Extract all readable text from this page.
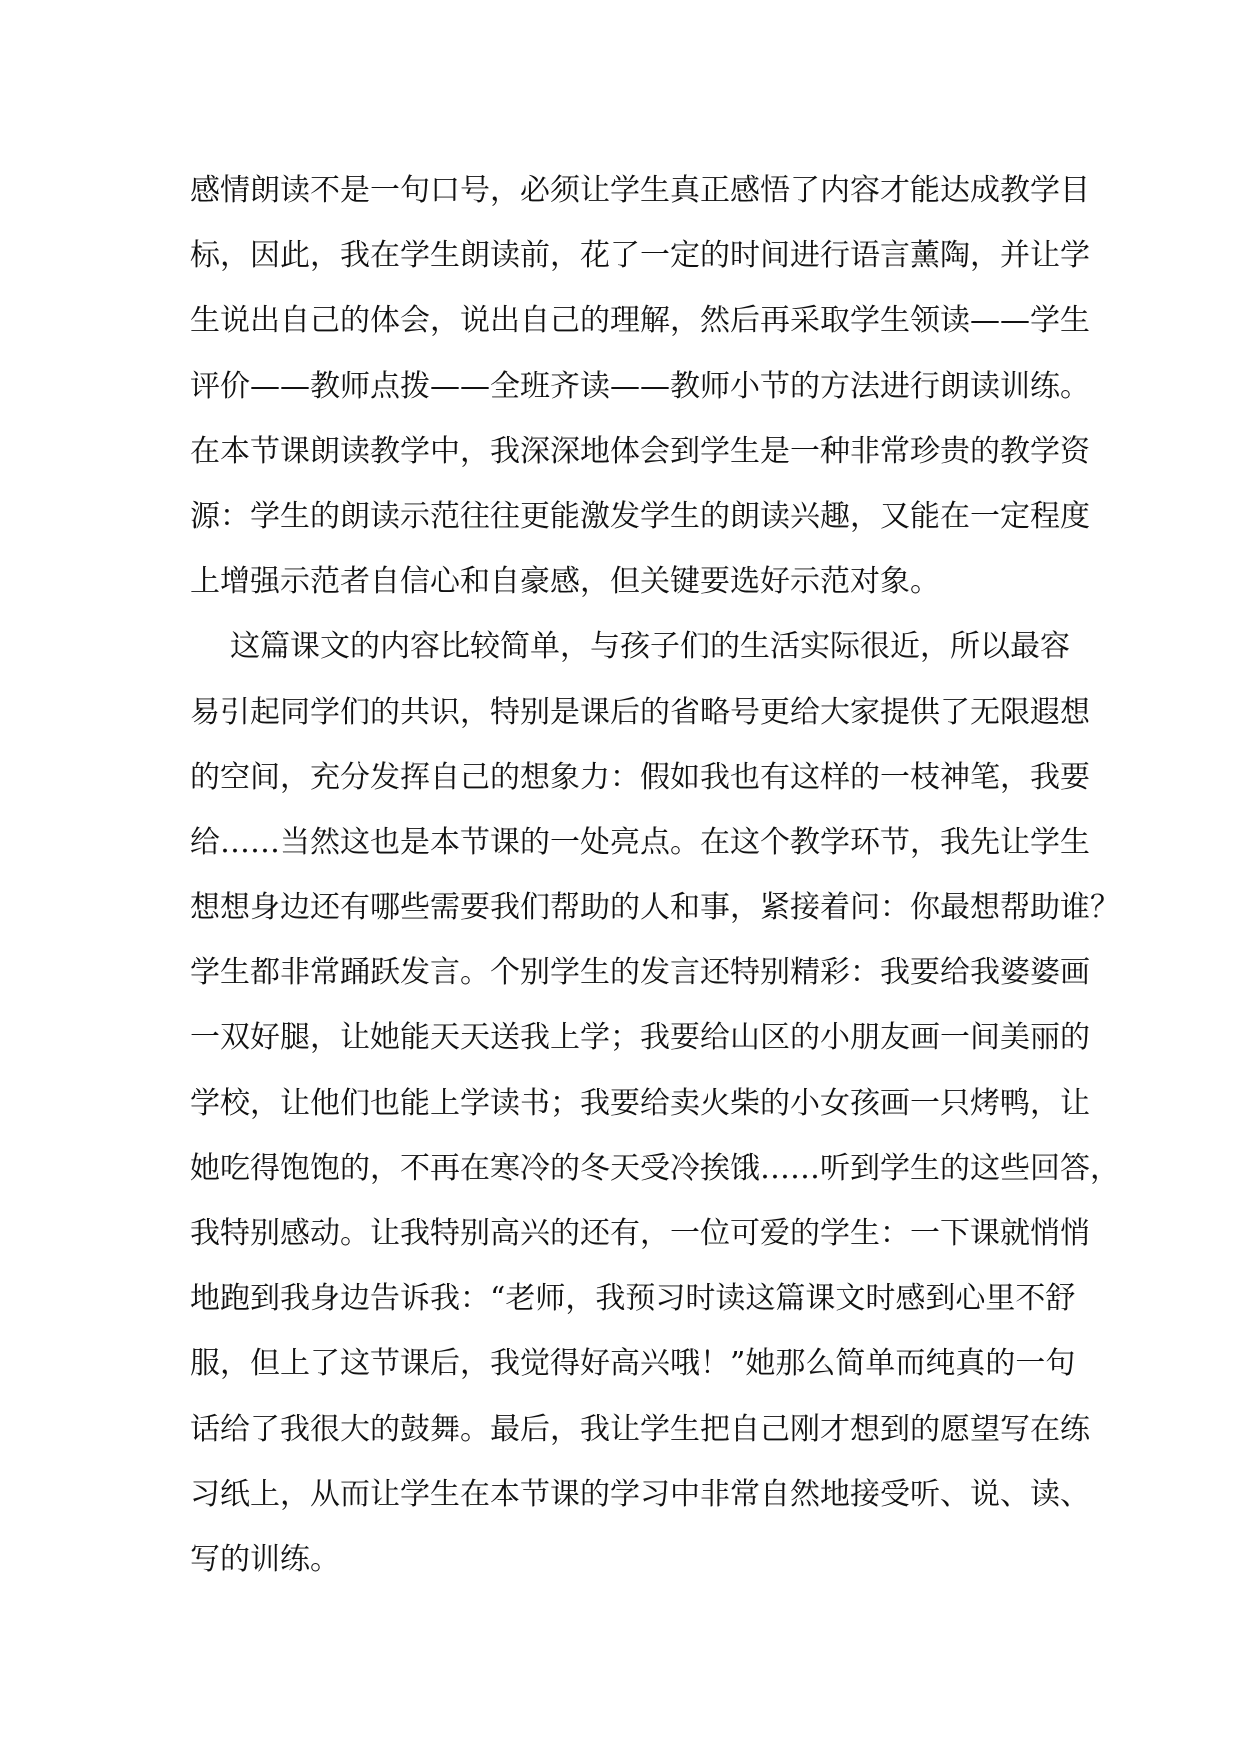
感情朗读不是一句口号，必须让学生真正感悟了内容才能达成教学目
标，因此，我在学生朗读前，花了一定的时间进行语言薰陶，并让学
生说出自己的体会，说出自己的理解，然后再采取学生领读——学生
评价——教师点拨——全班齐读——教师小节的方法进行朗读训练。
在本节课朗读教学中，我深深地体会到学生是一种非常珍贵的教学资
源：学生的朗读示范往往更能激发学生的朗读兴趣，又能在一定程度
上增强示范者自信心和自豪感，但关键要选好示范对象。
这篇课文的内容比较简单，与孩子们的生活实际很近，所以最容
易引起同学们的共识，特别是课后的省略号更给大家提供了无限遐想
的空间，充分发挥自己的想象力：假如我也有这样的一枝神笔，我要
给……当然这也是本节课的一处亮点。在这个教学环节，我先让学生
想想身边还有哪些需要我们帮助的人和事，紧接着问：你最想帮助谁？
学生都非常踊跃发言。个别学生的发言还特别精彩：我要给我婆婆画
一双好腿，让她能天天送我上学；我要给山区的小朋友画一间美丽的
学校，让他们也能上学读书；我要给卖火柴的小女孩画一只烤鸭，让
她吃得饱饱的，不再在寒冷的冬天受冷挨饿……听到学生的这些回答，
我特别感动。让我特别高兴的还有，一位可爱的学生：一下课就悄悄
地跑到我身边告诉我：“老师，我预习时读这篇课文时感到心里不舒
服，但上了这节课后，我觉得好高兴哦！”她那么简单而纯真的一句
话给了我很大的鼓舞。最后，我让学生把自己刚才想到的愿望写在练
习纸上，从而让学生在本节课的学习中非常自然地接受听、说、读、
写的训练。
